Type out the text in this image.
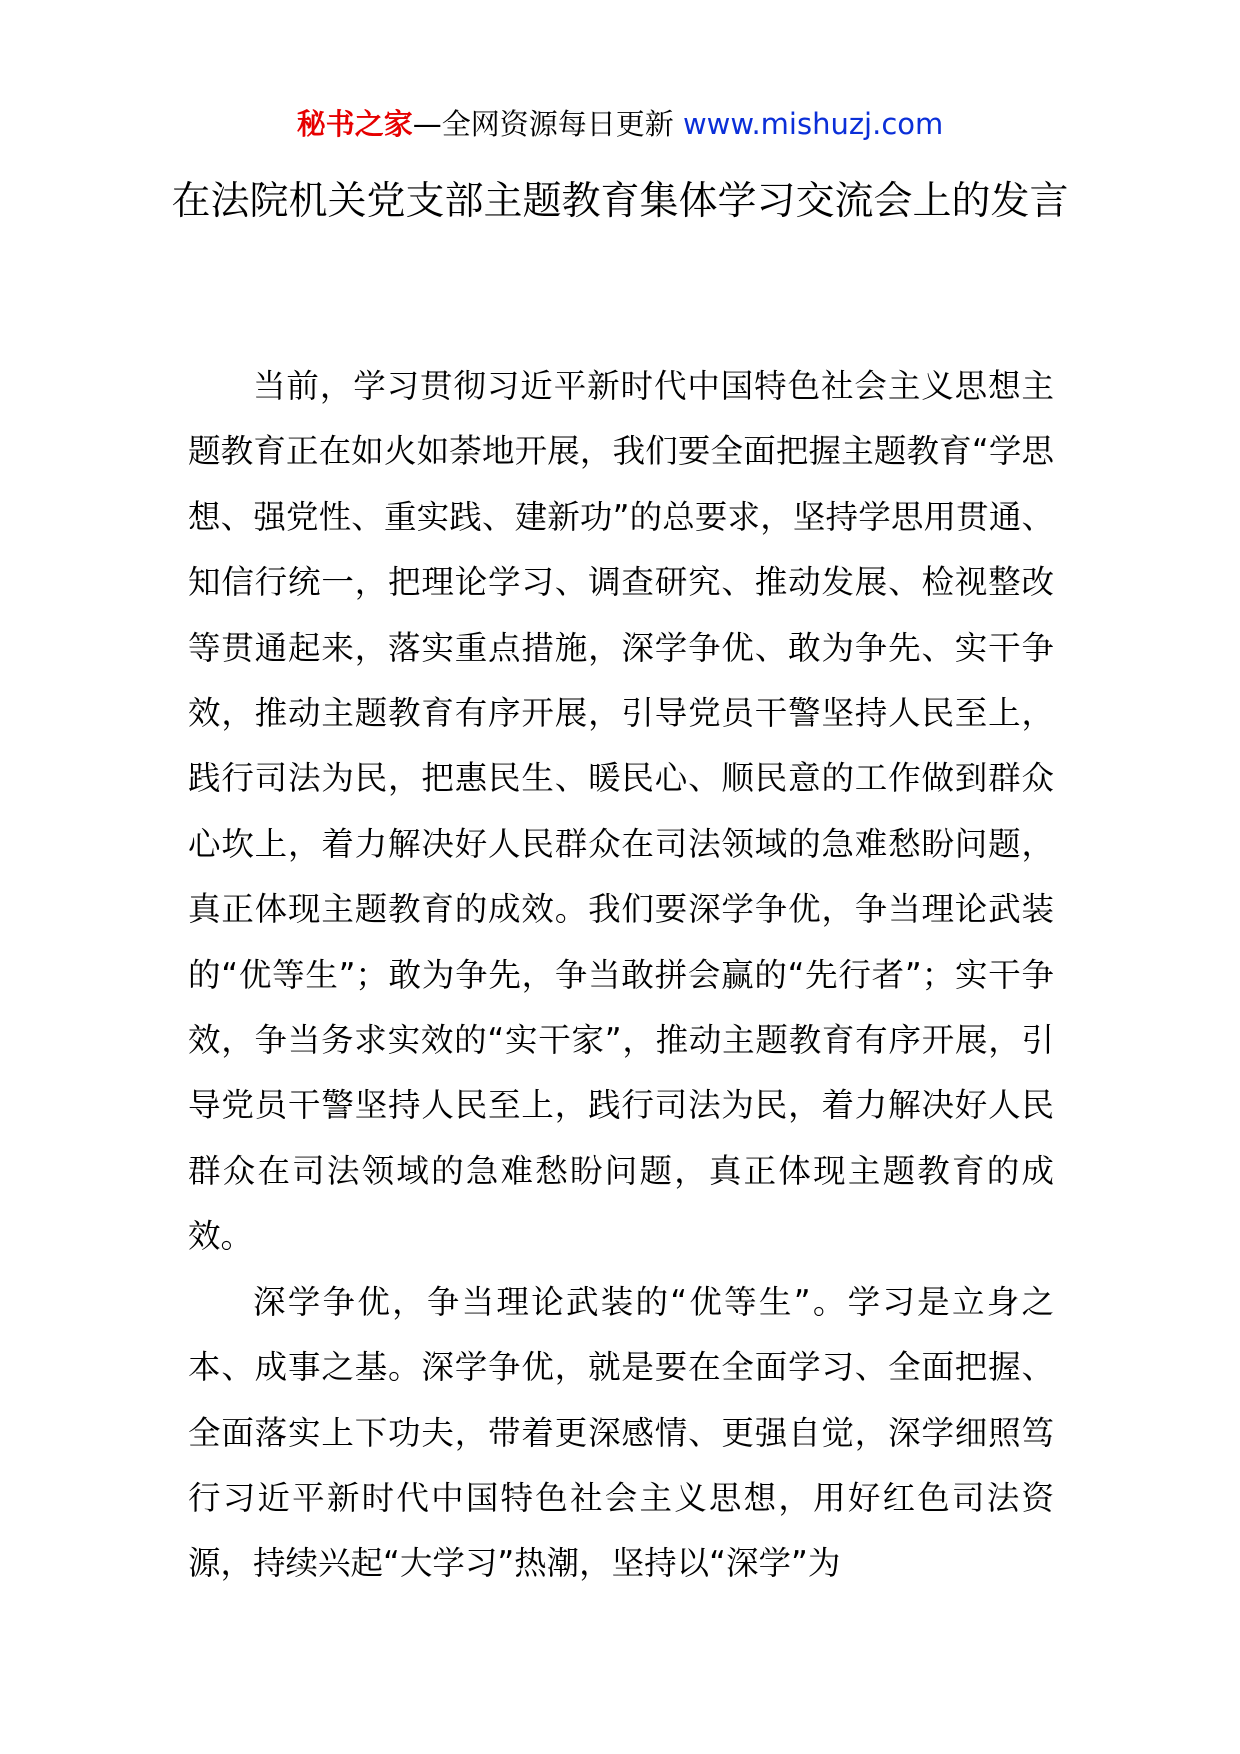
秘书之家—全网资源每日更新 www.mishuzj.com
在法院机关党支部主题教育集体学习交流会上的发言

当前，学习贯彻习近平新时代中国特色社会主义思想主题教育正在如火如荼地开展，我们要全面把握主题教育“学思想、强党性、重实践、建新功”的总要求，坚持学思用贯通、知信行统一，把理论学习、调查研究、推动发展、检视整改等贯通起来，落实重点措施，深学争优、敢为争先、实干争效，推动主题教育有序开展，引导党员干警坚持人民至上，践行司法为民，把惠民生、暖民心、顺民意的工作做到群众心坎上，着力解决好人民群众在司法领域的急难愁盼问题，真正体现主题教育的成效。我们要深学争优，争当理论武装的“优等生”；敢为争先，争当敢拼会赢的“先行者”；实干争效，争当务求实效的“实干家”，推动主题教育有序开展，引导党员干警坚持人民至上，践行司法为民，着力解决好人民群众在司法领域的急难愁盼问题，真正体现主题教育的成效。

深学争优，争当理论武装的“优等生”。学习是立身之本、成事之基。深学争优，就是要在全面学习、全面把握、全面落实上下功夫，带着更深感情、更强自觉，深学细照笃行习近平新时代中国特色社会主义思想，用好红色司法资源，持续兴起“大学习”热潮，坚持以“深学”为
